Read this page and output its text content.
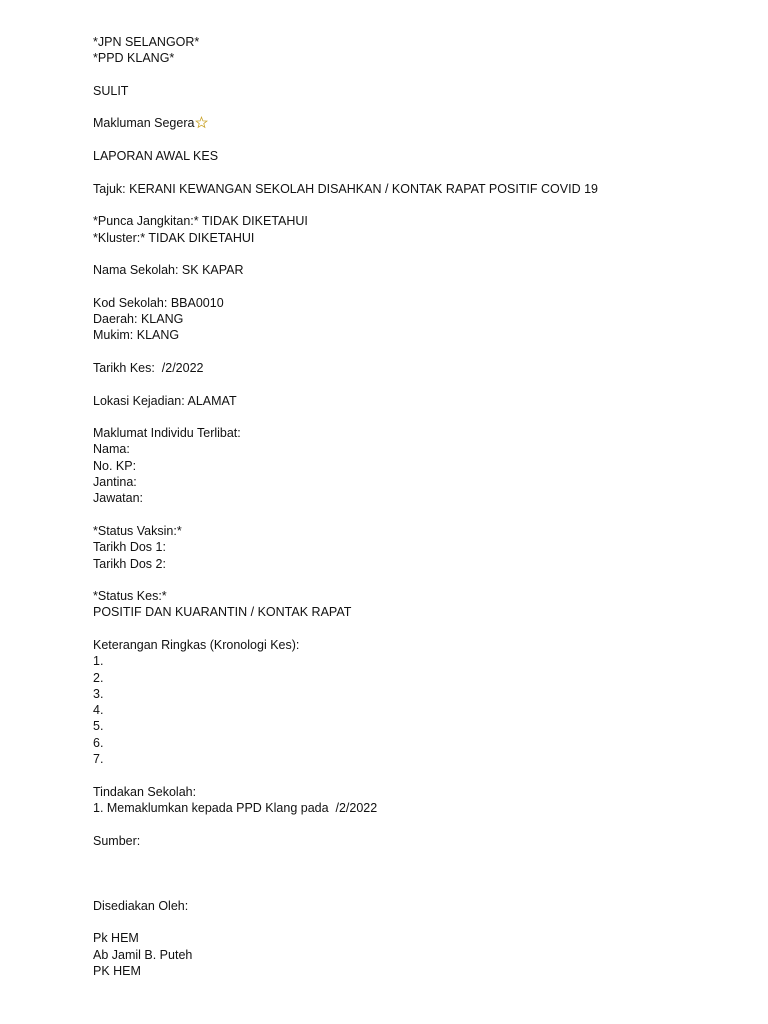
*JPN SELANGOR*
*PPD KLANG*
SULIT
Makluman Segera
LAPORAN AWAL KES
Tajuk: KERANI KEWANGAN SEKOLAH DISAHKAN / KONTAK RAPAT POSITIF COVID 19
*Punca Jangkitan:* TIDAK DIKETAHUI
*Kluster:* TIDAK DIKETAHUI
Nama Sekolah: SK KAPAR
Kod Sekolah: BBA0010
Daerah: KLANG
Mukim: KLANG
Tarikh Kes:  /2/2022
Lokasi Kejadian: ALAMAT
Maklumat Individu Terlibat:
Nama:
No. KP:
Jantina:
Jawatan:
*Status Vaksin:*
Tarikh Dos 1:
Tarikh Dos 2:
*Status Kes:*
POSITIF DAN KUARANTIN / KONTAK RAPAT
Keterangan Ringkas (Kronologi Kes):
1.
2.
3.
4.
5.
6.
7.
Tindakan Sekolah:
1. Memaklumkan kepada PPD Klang pada  /2/2022
Sumber:
Disediakan Oleh:
Pk HEM
Ab Jamil B. Puteh
PK HEM
